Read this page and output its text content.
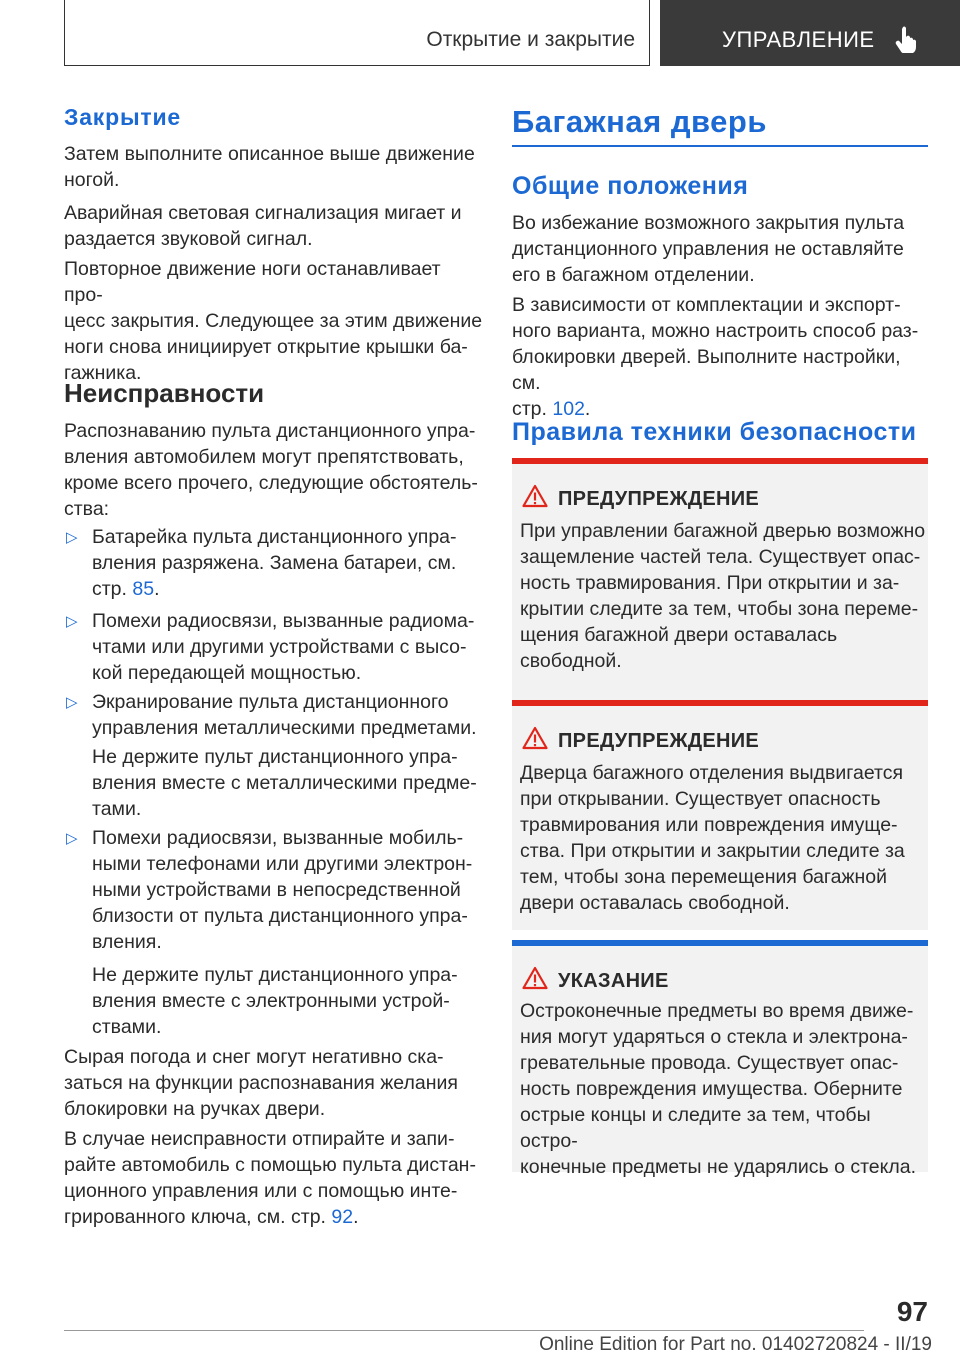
Открытие и закрытие	УПРАВЛЕНИЕ
Закрытие

Затем выполните описанное выше движение
ногой.

Аварийная световая сигнализация мигает и
раздается звуковой сигнал.

Повторное движение ноги останавливает про-
цесс закрытия. Следующее за этим движение
ноги снова инициирует открытие крышки ба-
гажника.

Неисправности

Распознаванию пульта дистанционного упра-
вления автомобилем могут препятствовать,
кроме всего прочего, следующие обстоятель-
ства:

▷ Батарейка пульта дистанционного упра-
вления разряжена. Замена батареи, см.
стр. 85.

▷ Помехи радиосвязи, вызванные радиома-
чтами или другими устройствами с высо-
кой передающей мощностью.

▷ Экранирование пульта дистанционного
управления металлическими предметами.

Не держите пульт дистанционного упра-
вления вместе с металлическими предме-
тами.

▷ Помехи радиосвязи, вызванные мобиль-
ными телефонами или другими электрон-
ными устройствами в непосредственной
близости от пульта дистанционного упра-
вления.

Не держите пульт дистанционного упра-
вления вместе с электронными устрой-
ствами.

Сырая погода и снег могут негативно ска-
заться на функции распознавания желания
блокировки на ручках двери.

В случае неисправности отпирайте и запи-
райте автомобиль с помощью пульта дистан-
ционного управления или с помощью инте-
грированного ключа, см. стр. 92.

Багажная дверь
Общие положения

Во избежание возможного закрытия пульта
дистанционного управления не оставляйте
его в багажном отделении.

В зависимости от комплектации и экспорт-
ного варианта, можно настроить способ раз-
блокировки дверей. Выполните настройки, см.
стр. 102.

Правила техники безопасности
ПРЕДУПРЕЖДЕНИЕ

При управлении багажной дверью возможно
защемление частей тела. Существует опас-
ность травмирования. При открытии и за-
крытии следите за тем, чтобы зона переме-
щения багажной двери оставалась
свободной.

ПРЕДУПРЕЖДЕНИЕ

Дверца багажного отделения выдвигается
при открывании. Существует опасность
травмирования или повреждения имуще-
ства. При открытии и закрытии следите за
тем, чтобы зона перемещения багажной
двери оставалась свободной.

УКАЗАНИЕ

Остроконечные предметы во время движе-
ния могут ударяться о стекла и электрона-
гревательные провода. Существует опас-
ность повреждения имущества. Оберните
острые концы и следите за тем, чтобы остро-
конечные предметы не ударялись о стекла.

97
Online Edition for Part no. 01402720824 - II/19
